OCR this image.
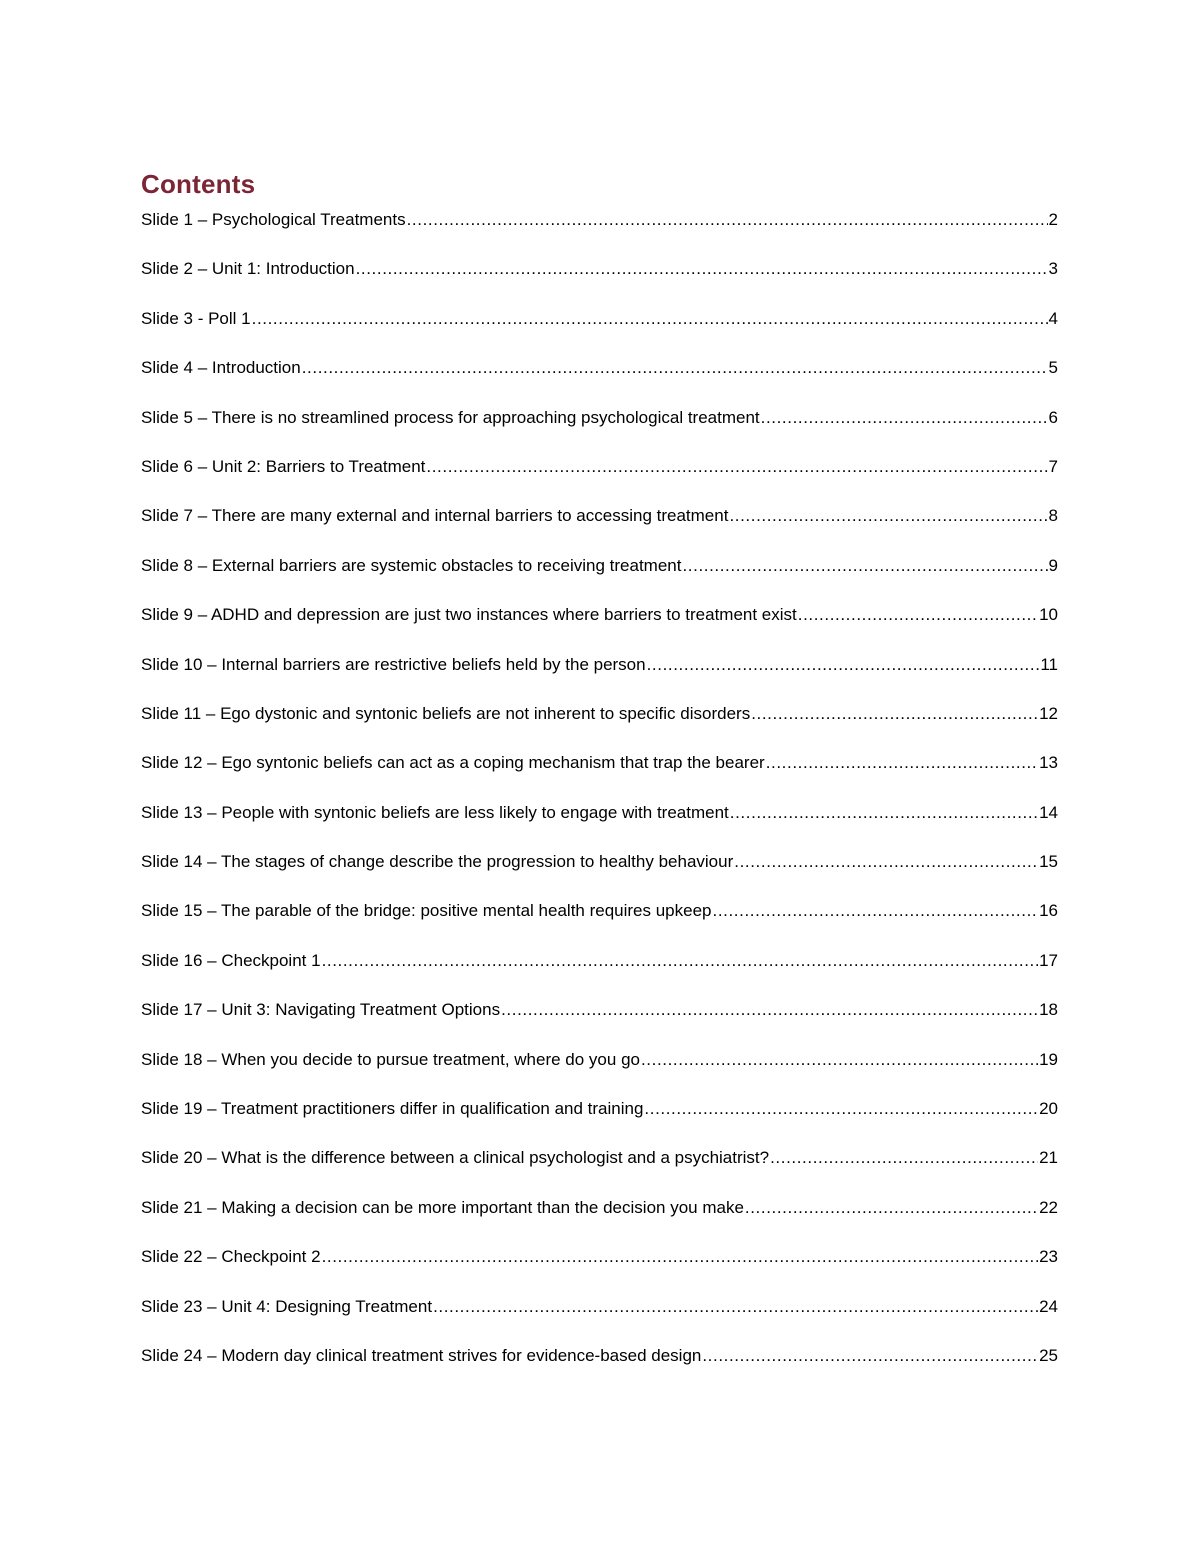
Contents
Slide 1 – Psychological Treatments .....	2
Slide 2 – Unit 1: Introduction .....	3
Slide 3 - Poll 1 .....	4
Slide 4 – Introduction .....	5
Slide 5 – There is no streamlined process for approaching psychological treatment .....	6
Slide 6 – Unit 2: Barriers to Treatment .....	7
Slide 7 – There are many external and internal barriers to accessing treatment .....	8
Slide 8 – External barriers are systemic obstacles to receiving treatment .....	9
Slide 9 – ADHD and depression are just two instances where barriers to treatment exist .....	10
Slide 10 – Internal barriers are restrictive beliefs held by the person .....	11
Slide 11 – Ego dystonic and syntonic beliefs are not inherent to specific disorders .....	12
Slide 12 – Ego syntonic beliefs can act as a coping mechanism that trap the bearer .....	13
Slide 13 – People with syntonic beliefs are less likely to engage with treatment .....	14
Slide 14 – The stages of change describe the progression to healthy behaviour .....	15
Slide 15 – The parable of the bridge: positive mental health requires upkeep .....	16
Slide 16 – Checkpoint 1 .....	17
Slide 17 – Unit 3: Navigating Treatment Options .....	18
Slide 18 – When you decide to pursue treatment, where do you go .....	19
Slide 19 – Treatment practitioners differ in qualification and training .....	20
Slide 20 – What is the difference between a clinical psychologist and a psychiatrist? .....	21
Slide 21 – Making a decision can be more important than the decision you make .....	22
Slide 22 – Checkpoint 2 .....	23
Slide 23 – Unit 4: Designing Treatment .....	24
Slide 24 – Modern day clinical treatment strives for evidence-based design .....	25
